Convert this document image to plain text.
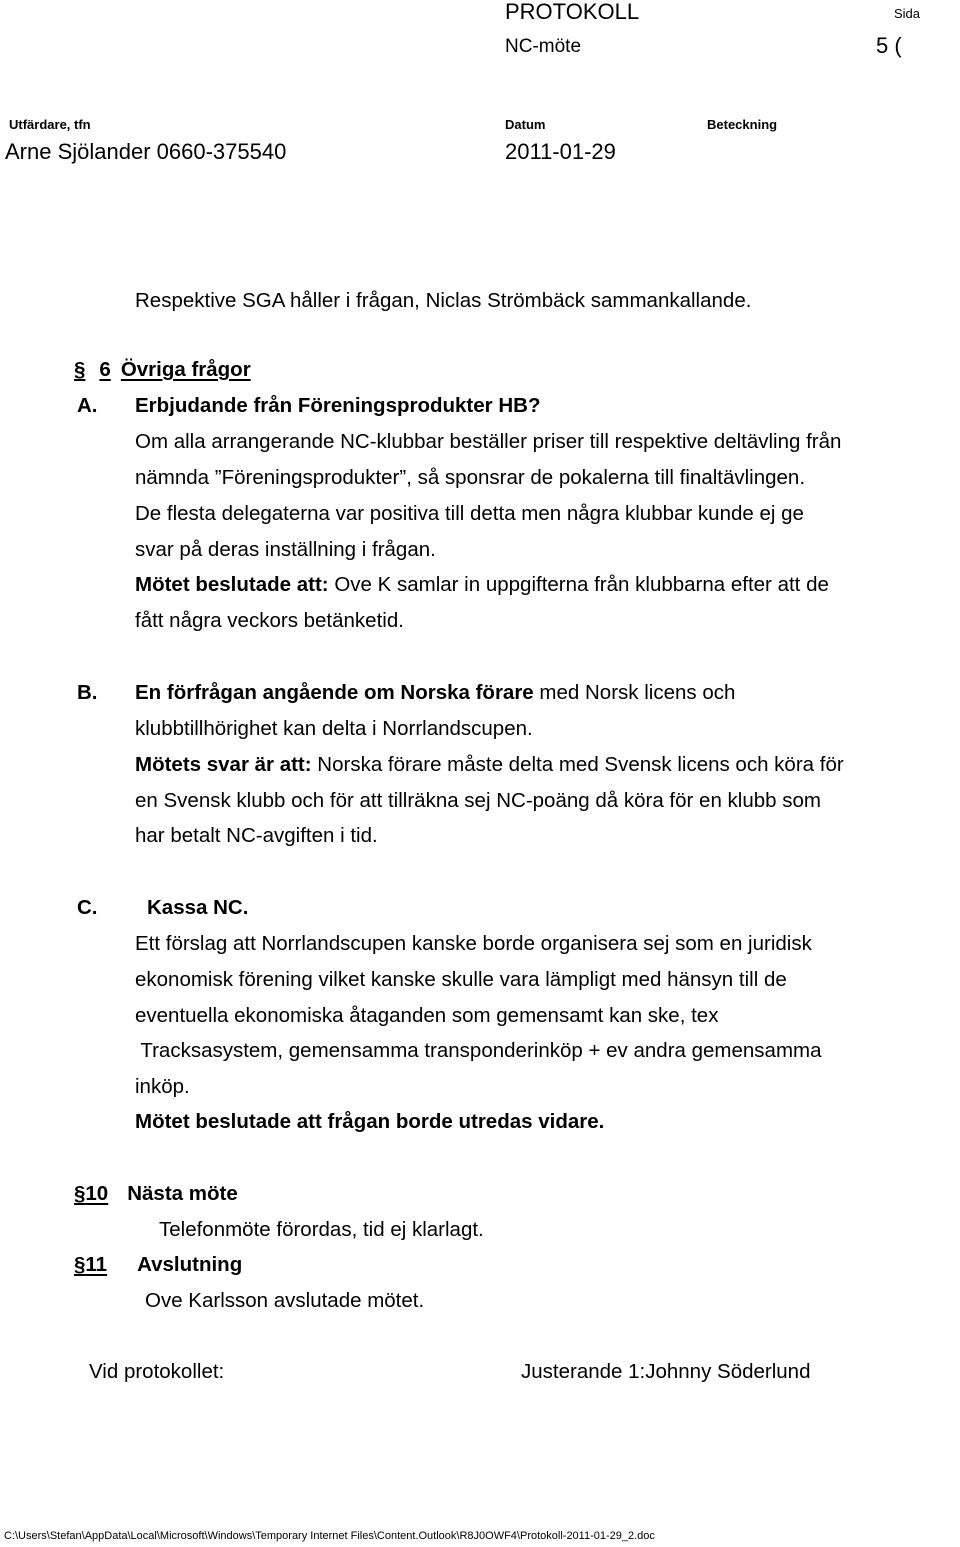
PROTOKOLL	Sida
NC-möte	5 (
Utfärdare, tfn	Datum	Beteckning
Arne Sjölander 0660-375540	2011-01-29
Respektive SGA håller i frågan, Niclas Strömbäck sammankallande.
§ 6 Övriga frågor
A. Erbjudande från Föreningsprodukter HB?
Om alla arrangerande NC-klubbar beställer priser till respektive deltävling från
nämnda ”Föreningsprodukter”, så sponsrar de pokalerna till finaltävlingen.
De flesta delegaterna var positiva till detta men några klubbar kunde ej ge
svar på deras inställning i frågan.
Mötet beslutade att: Ove K samlar in uppgifterna från klubbarna efter att de
fått några veckors betänketid.
B. En förfrågan angående om Norska förare med Norsk licens och
klubbtillhörighet kan delta i Norrlandscupen.
Mötets svar är att: Norska förare måste delta med Svensk licens och köra för
en Svensk klubb och för att tillräkna sej NC-poäng då köra för en klubb som
har betalt NC-avgiften i tid.
C. Kassa NC.
Ett förslag att Norrlandscupen kanske borde organisera sej som en juridisk
ekonomisk förening vilket kanske skulle vara lämpligt med hänsyn till de
eventuella ekonomiska åtaganden som gemensamt kan ske, tex
Tracksasystem, gemensamma transponderinköp + ev andra gemensamma
inköp.
Mötet beslutade att frågan borde utredas vidare.
§10 Nästa möte
Telefonmöte förordas, tid ej klarlagt.
§11 Avslutning
Ove Karlsson avslutade mötet.
Vid protokollet:	Justerande 1:Johnny Söderlund
C:\Users\Stefan\AppData\Local\Microsoft\Windows\Temporary Internet Files\Content.Outlook\R8J0OWF4\Protokoll-2011-01-29_2.doc
